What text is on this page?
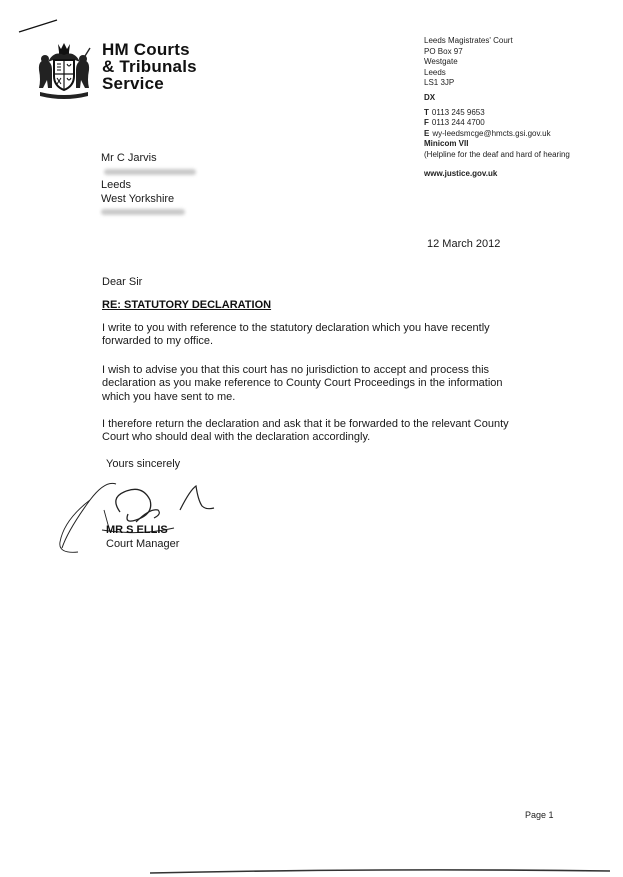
HM Courts
& Tribunals
Service
Leeds Magistrates' Court
PO Box 97
Westgate
Leeds
LS1 3JP
DX
T 0113 245 9653
F 0113 244 4700
E wy-leedsmcge@hmcts.gsi.gov.uk
Minicom VII
(Helpline for the deaf and hard of hearing
www.justice.gov.uk
Mr C Jarvis
Leeds
West Yorkshire
12 March 2012
Dear Sir
RE: STATUTORY DECLARATION
I write to you with reference to the statutory declaration which you have recently
forwarded to my office.
I wish to advise you that this court has no jurisdiction to accept and process this
declaration as you make reference to County Court Proceedings in the information
which you have sent to me.
I therefore return the declaration and ask that it be forwarded to the relevant County
Court who should deal with the declaration accordingly.
Yours sincerely
MR S ELLIS
Court Manager
Page 1
